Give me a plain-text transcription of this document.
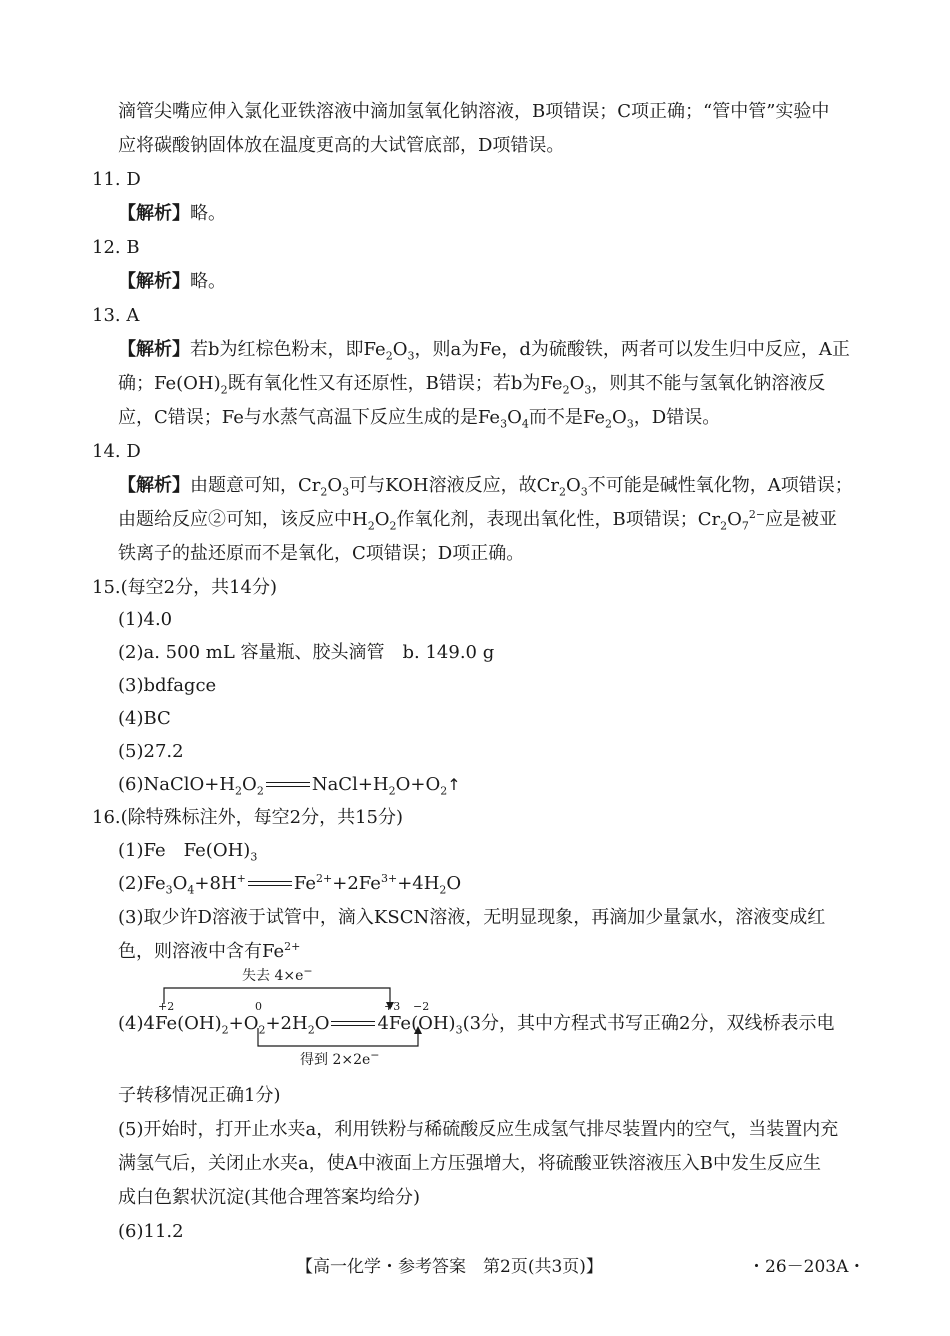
滴管尖嘴应伸入氯化亚铁溶液中滴加氢氧化钠溶液，B项错误；C项正确；“管中管”实验中
应将碳酸钠固体放在温度更高的大试管底部，D项错误。
11. D
【解析】略。
12. B
【解析】略。
13. A
【解析】若b为红棕色粉末，即$Fe_2O_3$，则a为Fe，d为硫酸铁，两者可以发生归中反应，A正
确；$Fe(OH)_2$既有氧化性又有还原性，B错误；若b为$Fe_2O_3$，则其不能与氢氧化钠溶液反
应，C错误；Fe与水蒸气高温下反应生成的是$Fe_3O_4$而不是$Fe_2O_3$，D错误。
14. D
【解析】由题意可知，$Cr_2O_3$可与KOH溶液反应，故$Cr_2O_3$不可能是碱性氧化物，A项错误；
由题给反应②可知，该反应中$H_2O_2$作氧化剂，表现出氧化性，B项错误；$Cr_2O_7^{2-}$应是被亚
铁离子的盐还原而不是氧化，C项错误；D项正确。
15.(每空2分，共14分)
(1)4.0
(2)a. 500 mL 容量瓶、胶头滴管　b. 149.0 g
(3)bdfagce
(4)BC
(5)27.2
$(6)NaClO+H_2O_2$	$NaCl+H_2O+O_2↑$
16.(除特殊标注外，每空2分，共15分)
(1)Fe　$Fe(OH)_3$
$(2)Fe_3O_4+8H^+$	$Fe^{2+}+2Fe^{3+}+4H_2O$
(3)取少许D溶液于试管中，滴入KSCN溶液，无明显现象，再滴加少量氯水，溶液变成红
色，则溶液中含有$Fe^{2+}$
失去 4×e−
+2	0	+3 −2
$(4)4Fe(OH)_2+O_2+2H_2O$	$4Fe(OH)_3(3$分，其中方程式书写正确2分，双线桥表示电
得到 2×2e−
子转移情况正确1分)
(5)开始时，打开止水夹a，利用铁粉与稀硫酸反应生成氢气排尽装置内的空气，当装置内充
满氢气后，关闭止水夹a，使A中液面上方压强增大，将硫酸亚铁溶液压入B中发生反应生
成白色絮状沉淀(其他合理答案均给分)
(6)11.2
【高一化学・参考答案　第2页(共3页)】	・26－203A・
